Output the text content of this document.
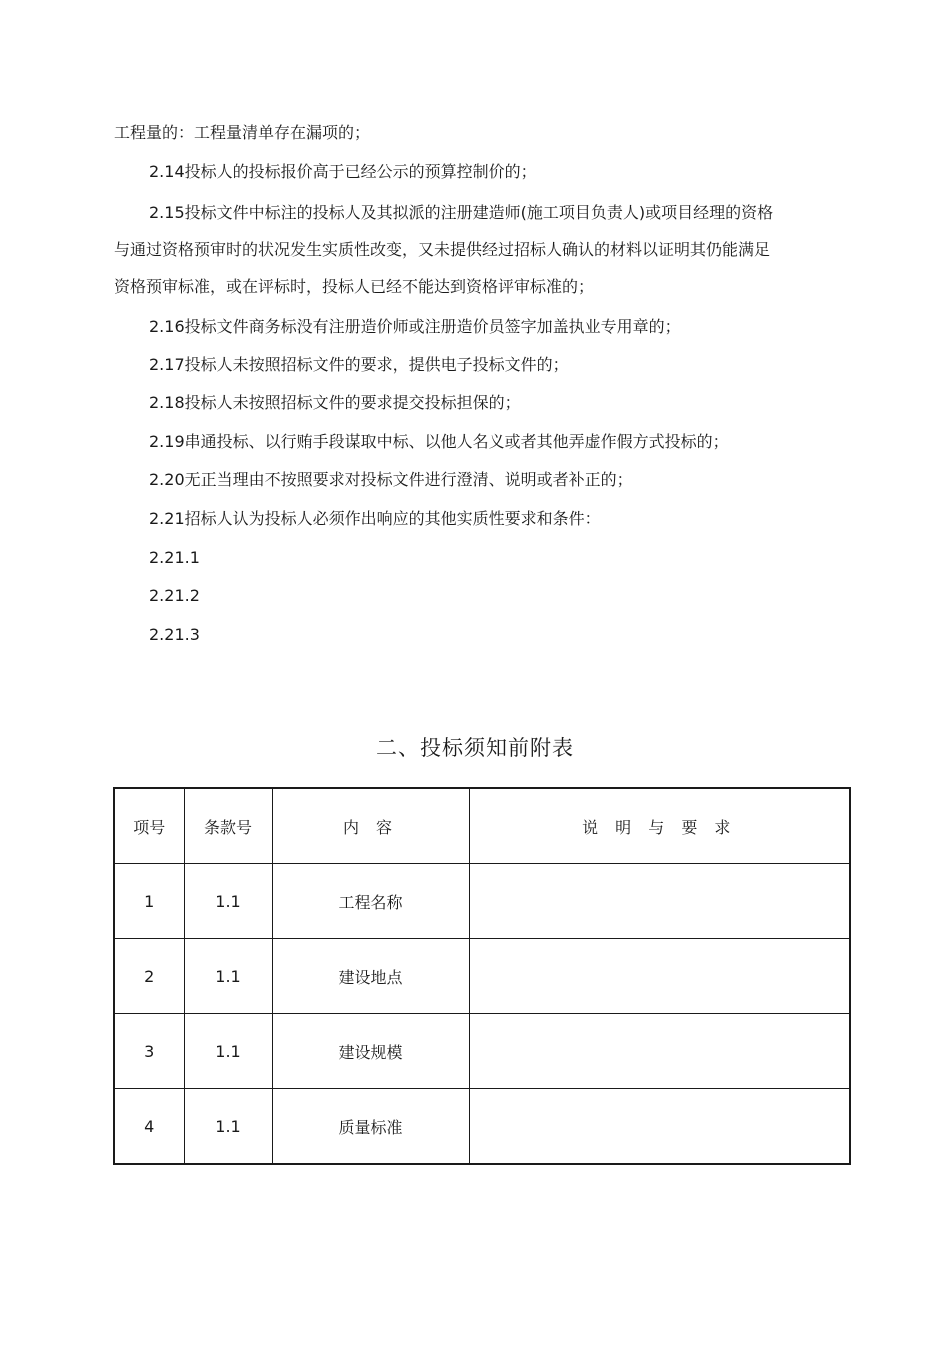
工程量的：工程量清单存在漏项的；
2.14投标人的投标报价高于已经公示的预算控制价的；
2.15投标文件中标注的投标人及其拟派的注册建造师(施工项目负责人)或项目经理的资格
与通过资格预审时的状况发生实质性改变，又未提供经过招标人确认的材料以证明其仍能满足
资格预审标准，或在评标时，投标人已经不能达到资格评审标准的；
2.16投标文件商务标没有注册造价师或注册造价员签字加盖执业专用章的；
2.17投标人未按照招标文件的要求，提供电子投标文件的；
2.18投标人未按照招标文件的要求提交投标担保的；
2.19串通投标、以行贿手段谋取中标、以他人名义或者其他弄虚作假方式投标的；
2.20无正当理由不按照要求对投标文件进行澄清、说明或者补正的；
2.21招标人认为投标人必须作出响应的其他实质性要求和条件：
2.21.1
2.21.2
2.21.3
二、投标须知前附表
项号	条款号	内 容	说 明 与 要 求
1	1.1	工程名称	
2	1.1	建设地点	
3	1.1	建设规模	
4	1.1	质量标准	
